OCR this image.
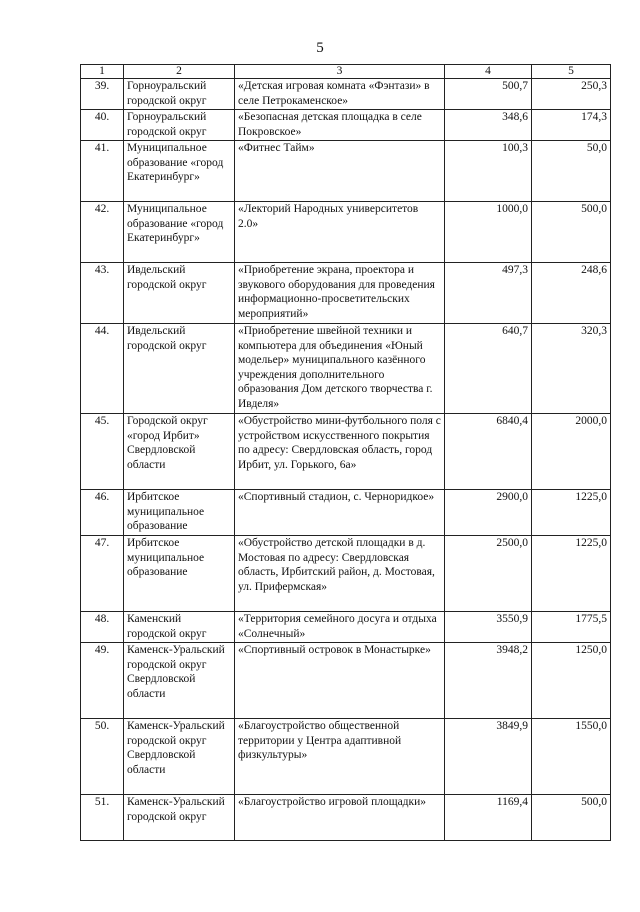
5
1	2	3	4	5
39.	Горноуральский городской округ	«Детская игровая комната «Фэнтази» в селе Петрокаменское»	500,7	250,3
40.	Горноуральский городской округ	«Безопасная детская площадка в селе Покровское»	348,6	174,3
41.	Муниципальное образование «город Екатеринбург»	«Фитнес Тайм»	100,3	50,0
42.	Муниципальное образование «город Екатеринбург»	«Лекторий Народных университетов 2.0»	1000,0	500,0
43.	Ивдельский городской округ	«Приобретение экрана, проектора и звукового оборудования для проведения информационно-просветительских мероприятий»	497,3	248,6
44.	Ивдельский городской округ	«Приобретение швейной техники и компьютера для объединения «Юный модельер» муниципального казённого учреждения дополнительного образования Дом детского творчества г. Ивделя»	640,7	320,3
45.	Городской округ «город Ирбит» Свердловской области	«Обустройство мини-футбольного поля с устройством искусственного покрытия по адресу: Свердловская область, город Ирбит, ул. Горького, 6а»	6840,4	2000,0
46.	Ирбитское муниципальное образование	«Спортивный стадион, с. Черноридкое»	2900,0	1225,0
47.	Ирбитское муниципальное образование	«Обустройство детской площадки в д. Мостовая по адресу: Свердловская область, Ирбитский район, д. Мостовая, ул. Прифермская»	2500,0	1225,0
48.	Каменский городской округ	«Территория семейного досуга и отдыха «Солнечный»	3550,9	1775,5
49.	Каменск-Уральский городской округ Свердловской области	«Спортивный островок в Монастырке»	3948,2	1250,0
50.	Каменск-Уральский городской округ Свердловской области	«Благоустройство общественной территории у Центра адаптивной физкультуры»	3849,9	1550,0
51.	Каменск-Уральский городской округ	«Благоустройство игровой площадки»	1169,4	500,0
